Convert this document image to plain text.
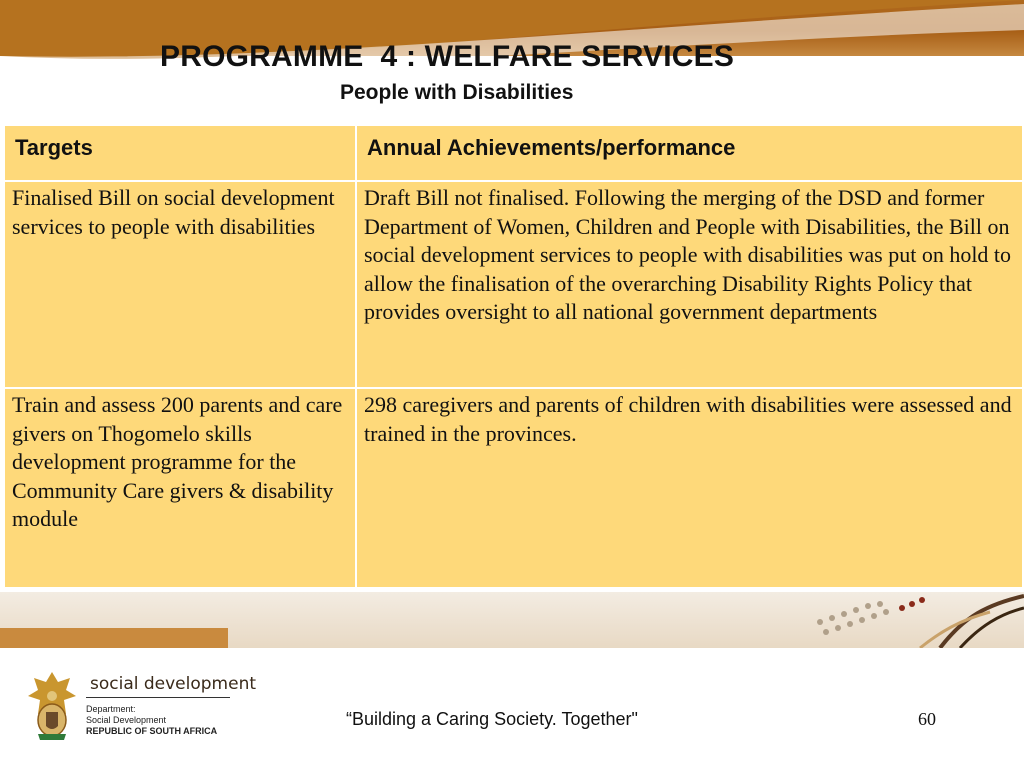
PROGRAMME  4 : WELFARE SERVICES
People with Disabilities
Targets	Annual Achievements/performance

Finalised Bill on social development services to people with disabilities	Draft Bill not finalised. Following the merging of the DSD and former Department of Women, Children and People with Disabilities, the Bill on social development services to people with disabilities was put on hold to allow the finalisation of the overarching Disability Rights Policy that provides oversight to all national government departments

Train and assess 200 parents and care givers on Thogomelo skills development programme for the Community Care givers & disability module	298 caregivers and parents of children with disabilities were assessed and trained in the provinces.
social development
Department:
Social Development
REPUBLIC OF SOUTH AFRICA
“Building a Caring Society. Together"	60
